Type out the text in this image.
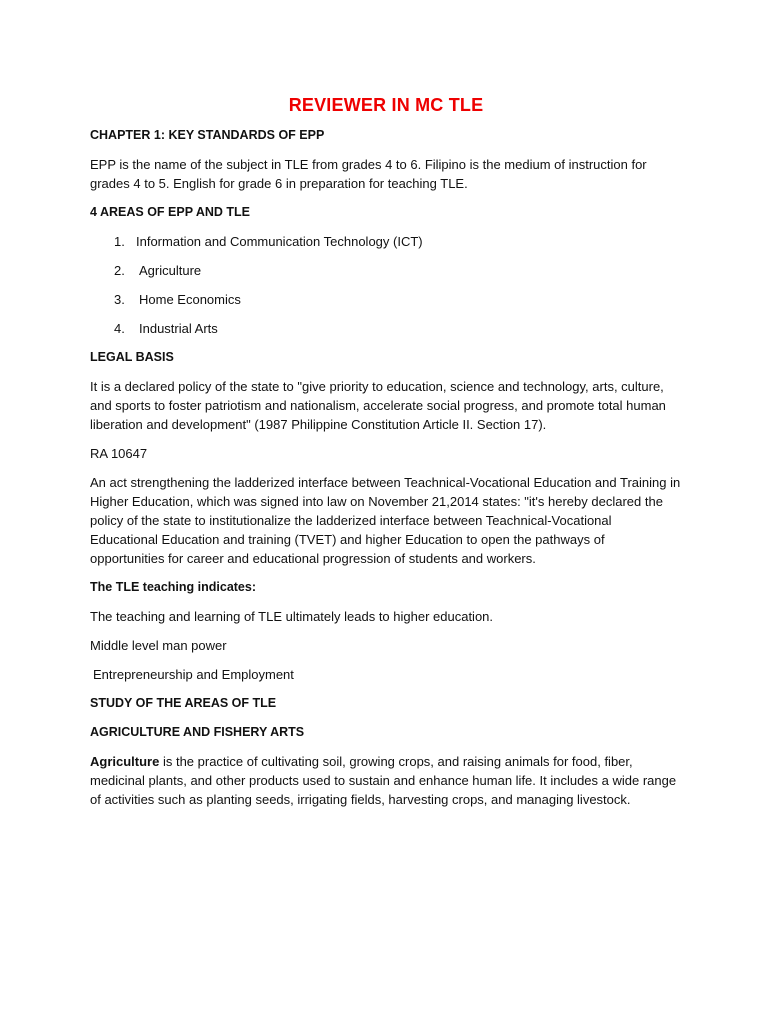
REVIEWER IN MC TLE

CHAPTER 1: KEY STANDARDS OF EPP

EPP is the name of the subject in TLE from grades 4 to 6. Filipino is the medium of instruction for grades 4 to 5. English for grade 6 in preparation for teaching TLE.

4 AREAS OF EPP AND TLE

1. Information and Communication Technology (ICT)
2.	Agriculture
3.	Home Economics
4.	Industrial Arts

LEGAL BASIS

It is a declared policy of the state to "give priority to education, science and technology, arts, culture, and sports to foster patriotism and nationalism, accelerate social progress, and promote total human liberation and development" (1987 Philippine Constitution Article II. Section 17).

RA 10647

An act strengthening the ladderized interface between Teachnical-Vocational Education and Training in Higher Education, which was signed into law on November 21,2014 states: "it's hereby declared the policy of the state to institutionalize the ladderized interface between Teachnical-Vocational Educational Education and training (TVET) and higher Education to open the pathways of opportunities for career and educational progression of students and workers.

The TLE teaching indicates:

The teaching and learning of TLE ultimately leads to higher education.

Middle level man power

Entrepreneurship and Employment

STUDY OF THE AREAS OF TLE

AGRICULTURE AND FISHERY ARTS

Agriculture is the practice of cultivating soil, growing crops, and raising animals for food, fiber, medicinal plants, and other products used to sustain and enhance human life. It includes a wide range of activities such as planting seeds, irrigating fields, harvesting crops, and managing livestock.
